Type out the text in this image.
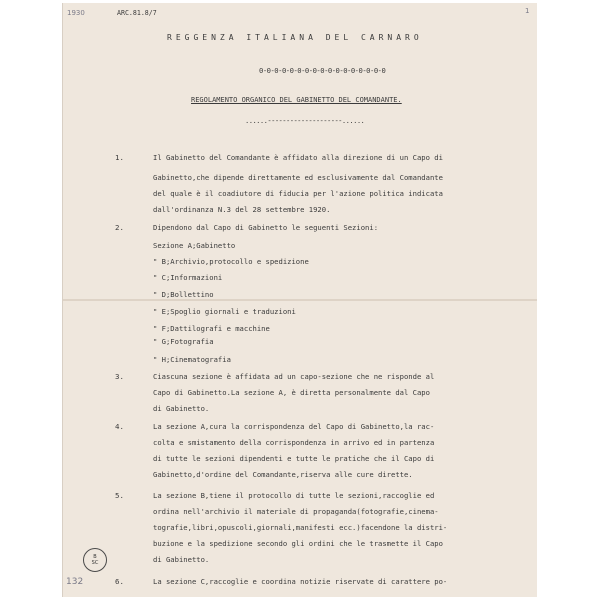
1930	ARC.81.8/7	1
132
REGGENZA ITALIANA DEL CARNARO
0-0-0-0-0-0-0-0-0-0-0-0-0-0-0-0-0
REGOLAMENTO ORGANICO DEL GABINETTO DEL COMANDANTE.
......--------------------......
1.	Il Gabinetto del Comandante è affidato alla direzione di un Capo di
Gabinetto,che dipende direttamente ed esclusivamente dal Comandante
del quale è il coadiutore di fiducia per l'azione politica indicata
dall'ordinanza N.3 del 28 settembre 1920.
2.	Dipendono dal Capo di Gabinetto le seguenti Sezioni:
Sezione A;Gabinetto
" B;Archivio,protocollo e spedizione
" C;Informazioni
" D;Bollettino
" E;Spoglio giornali e traduzioni
" F;Dattilografi e macchine
" G;Fotografia
" H;Cinematografia
3.	Ciascuna sezione è affidata ad un capo-sezione che ne risponde al
Capo di Gabinetto.La sezione A, è diretta personalmente dal Capo
di Gabinetto.
4.	La sezione A,cura la corrispondenza del Capo di Gabinetto,la rac-
colta e smistamento della corrispondenza in arrivo ed in partenza
di tutte le sezioni dipendenti e tutte le pratiche che il Capo di
Gabinetto,d'ordine del Comandante,riserva alle cure dirette.
5.	La sezione B,tiene il protocollo di tutte le sezioni,raccoglie ed
ordina nell'archivio il materiale di propaganda(fotografie,cinema-
tografie,libri,opuscoli,giornali,manifesti ecc.)facendone la distri-
buzione e la spedizione secondo gli ordini che le trasmette il Capo
di Gabinetto.
6.	La sezione C,raccoglie e coordina notizie riservate di carattere po-
B
SC
